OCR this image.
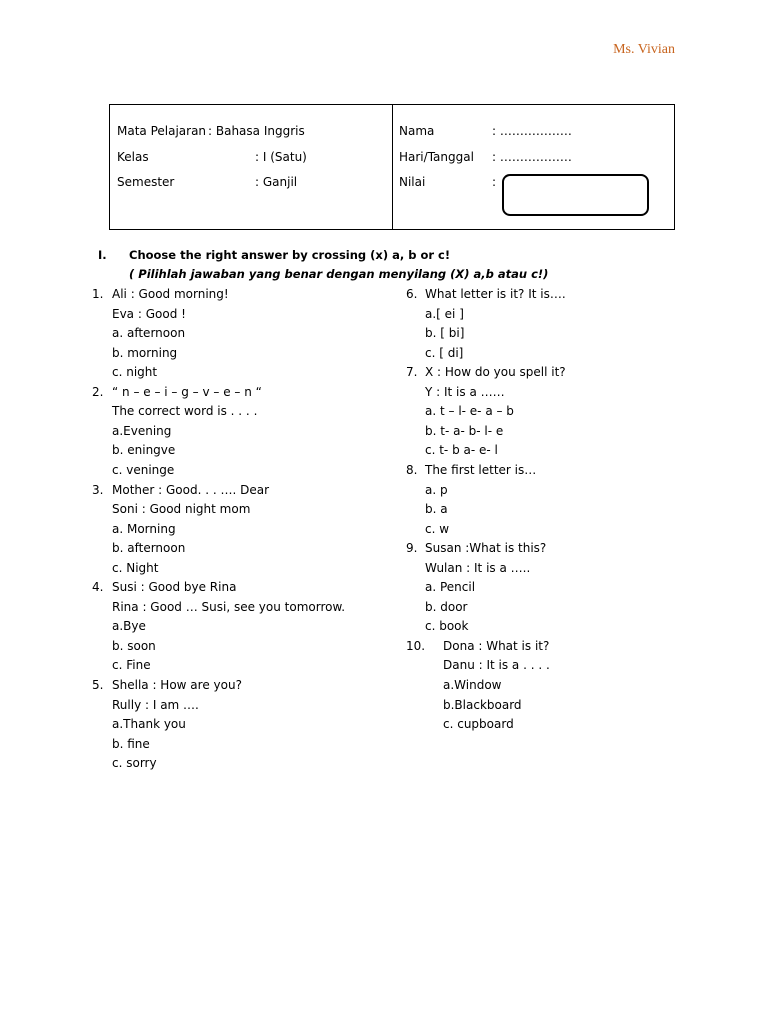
Ms. Vivian
Mata Pelajaran : Bahasa Inggris
Kelas	: I (Satu)
Semester	: Ganjil
Nama	: ………………
Hari/Tanggal : ………………
Nilai	:
I. Choose the right answer by crossing (x) a, b or c!
( Pilihlah jawaban yang benar dengan menyilang (X) a,b atau c!)
1. Ali : Good morning!
Eva : Good !
a. afternoon
b. morning
c. night
2. “ n – e – i – g – v – e – n “
The correct word is . . . .
a.Evening
b. eningve
c. veninge
3. Mother : Good. . . …. Dear
Soni : Good night mom
a. Morning
b. afternoon
c. Night
4. Susi : Good bye Rina
Rina : Good … Susi, see you tomorrow.
a.Bye
b. soon
c. Fine
5. Shella : How are you?
Rully : I am ….
a.Thank you
b. fine
c. sorry
6. What letter is it? It is….
a.[ ei ]
b. [ bi]
c. [ di]
7. X : How do you spell it?
Y : It is a ……
a. t – l- e- a – b
b. t- a- b- l- e
c. t- b a- e- l
8. The first letter is…
a. p
b. a
c. w
9. Susan :What is this?
Wulan : It is a …..
a. Pencil
b. door
c. book
10. Dona : What is it?
Danu : It is a . . . .
a.Window
b.Blackboard
c. cupboard
